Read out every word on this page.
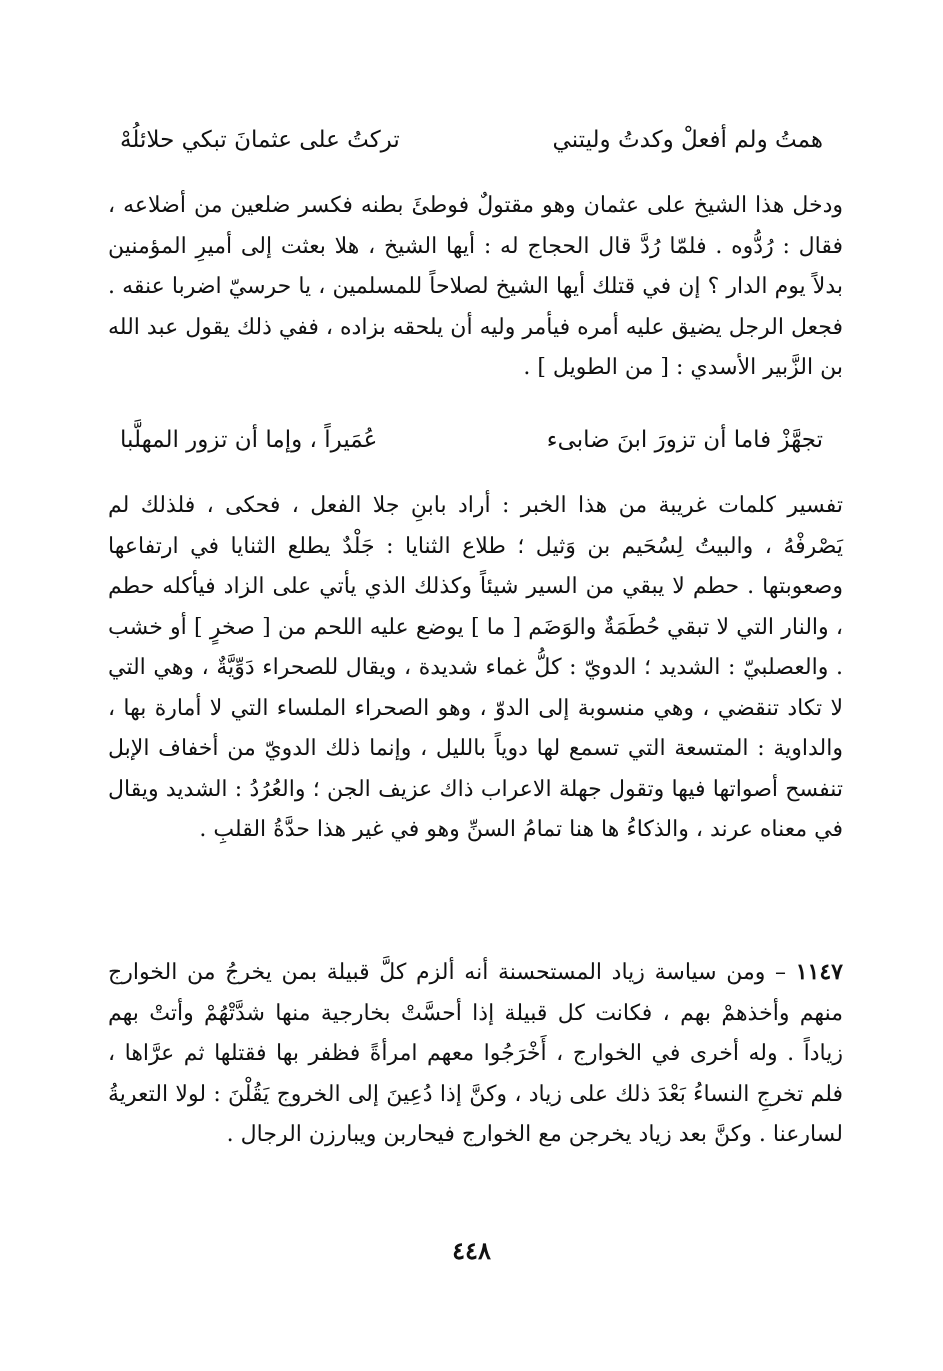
همتُ ولم أفعلْ وكدتُ وليتني
تركتُ على عثمانَ تبكي حلائلُهْ

ودخل هذا الشيخ على عثمان وهو مقتولٌ فوطئَ بطنه فكسر ضلعين من أضلاعه ، فقال : رُدُّوه . فلمّا رُدَّ قال الحجاج له : أيها الشيخ ، هلا بعثت إلى أميرِ المؤمنين بدلاً يوم الدار ؟ إن في قتلك أيها الشيخ لصلاحاً للمسلمين ، يا حرسيّ اضربا عنقه . فجعل الرجل يضيق عليه أمره فيأمر وليه أن يلحقه بزاده ، ففي ذلك يقول عبد الله بن الزَّبير الأسدي : [ من الطويل ] .

تجهَّزْ فاما أن تزورَ ابنَ ضابىء
عُمَيراً ، وإما أن تزور المهلَّبا

تفسير كلمات غريبة من هذا الخبر : أراد بابنِ جلا الفعل ، فحكى ، فلذلك لم يَصْرفْهُ ، والبيتُ لِسُحَيم بن وَثيل ؛ طلاع الثنايا : جَلْدٌ يطلع الثنايا في ارتفاعها وصعوبتها . حطم لا يبقي من السير شيئاً وكذلك الذي يأتي على الزاد فيأكله حطم ، والنار التي لا تبقي حُطَمَةٌ والوَضَم [ ما ] يوضع عليه اللحم من [ صخرٍ ] أو خشب . والعصلبيّ : الشديد ؛ الدويّ : كلُّ غماء شديدة ، ويقال للصحراء دَوِّيَّةٌ ، وهي التي لا تكاد تنقضي ، وهي منسوبة إلى الدوّ ، وهو الصحراء الملساء التي لا أمارة بها ، والداوية : المتسعة التي تسمع لها دوياً بالليل ، وإنما ذلك الدويّ من أخفاف الإبل تنفسح أصواتها فيها وتقول جهلة الاعراب ذاك عزيف الجن ؛ والعُرُدُ : الشديد ويقال في معناه عرند ، والذكاءُ ها هنا تمامُ السنِّ وهو في غير هذا حدَّةُ القلبِ .

١١٤٧ – ومن سياسة زياد المستحسنة أنه ألزم كلَّ قبيلة بمن يخرجُ من الخوارج منهم وأخذهمْ بهم ، فكانت كل قبيلة إذا أحسَّتْ بخارجية منها شدَّتْهُمْ وأتتْ بهم زياداً . وله أخرى في الخوارج ، أَخْرَجُوا معهم امرأةً فظفر بها فقتلها ثم عرَّاها ، فلم تخرجِ النساءُ بَعْدَ ذلك على زياد ، وكنَّ إذا دُعِينَ إلى الخروج يَقُلْنَ : لولا التعريةُ لسارعنا . وكنَّ بعد زياد يخرجن مع الخوارج فيحاربن ويبارزن الرجال .

٤٤٨
